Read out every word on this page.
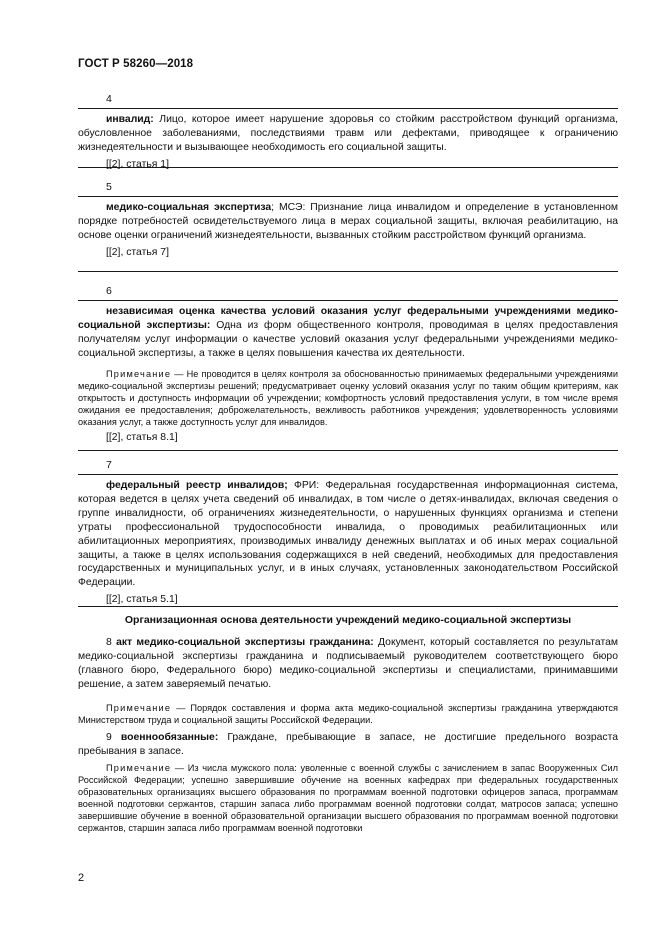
ГОСТ Р 58260—2018
4

инвалид: Лицо, которое имеет нарушение здоровья со стойким расстройством функций организма, обусловленное заболеваниями, последствиями травм или дефектами, приводящее к ограничению жизнедеятельности и вызывающее необходимость его социальной защиты.

[[2], статья 1]
5

медико-социальная экспертиза; МСЭ: Признание лица инвалидом и определение в установленном порядке потребностей освидетельствуемого лица в мерах социальной защиты, включая реабилитацию, на основе оценки ограничений жизнедеятельности, вызванных стойким расстройством функций организма.

[[2], статья 7]
6

независимая оценка качества условий оказания услуг федеральными учреждениями медико-социальной экспертизы: Одна из форм общественного контроля, проводимая в целях предоставления получателям услуг информации о качестве условий оказания услуг федеральными учреждениями медико-социальной экспертизы, а также в целях повышения качества их деятельности.

Примечание — Не проводится в целях контроля за обоснованностью принимаемых федеральными учреждениями медико-социальной экспертизы решений; предусматривает оценку условий оказания услуг по таким общим критериям, как открытость и доступность информации об учреждении; комфортность условий предоставления услуги, в том числе время ожидания ее предоставления; доброжелательность, вежливость работников учреждения; удовлетворенность условиями оказания услуг, а также доступность услуг для инвалидов.

[[2], статья 8.1]
7

федеральный реестр инвалидов; ФРИ: Федеральная государственная информационная система, которая ведется в целях учета сведений об инвалидах, в том числе о детях-инвалидах, включая сведения о группе инвалидности, об ограничениях жизнедеятельности, о нарушенных функциях организма и степени утраты профессиональной трудоспособности инвалида, о проводимых реабилитационных или абилитационных мероприятиях, производимых инвалиду денежных выплатах и об иных мерах социальной защиты, а также в целях использования содержащихся в ней сведений, необходимых для предоставления государственных и муниципальных услуг, и в иных случаях, установленных законодательством Российской Федерации.

[[2], статья 5.1]
Организационная основа деятельности учреждений медико-социальной экспертизы

8 акт медико-социальной экспертизы гражданина: Документ, который составляется по результатам медико-социальной экспертизы гражданина и подписываемый руководителем соответствующего бюро (главного бюро, Федерального бюро) медико-социальной экспертизы и специалистами, принимавшими решение, а затем заверяемый печатью.

Примечание — Порядок составления и форма акта медико-социальной экспертизы гражданина утверждаются Министерством труда и социальной защиты Российской Федерации.

9 военнообязанные: Граждане, пребывающие в запасе, не достигшие предельного возраста пребывания в запасе.

Примечание — Из числа мужского пола: уволенные с военной службы с зачислением в запас Вооруженных Сил Российской Федерации; успешно завершившие обучение на военных кафедрах при федеральных государственных образовательных организациях высшего образования по программам военной подготовки офицеров запаса, программам военной подготовки сержантов, старшин запаса либо программам военной подготовки солдат, матросов запаса; успешно завершившие обучение в военной образовательной организации высшего образования по программам военной подготовки сержантов, старшин запаса либо программам военной подготовки

2
